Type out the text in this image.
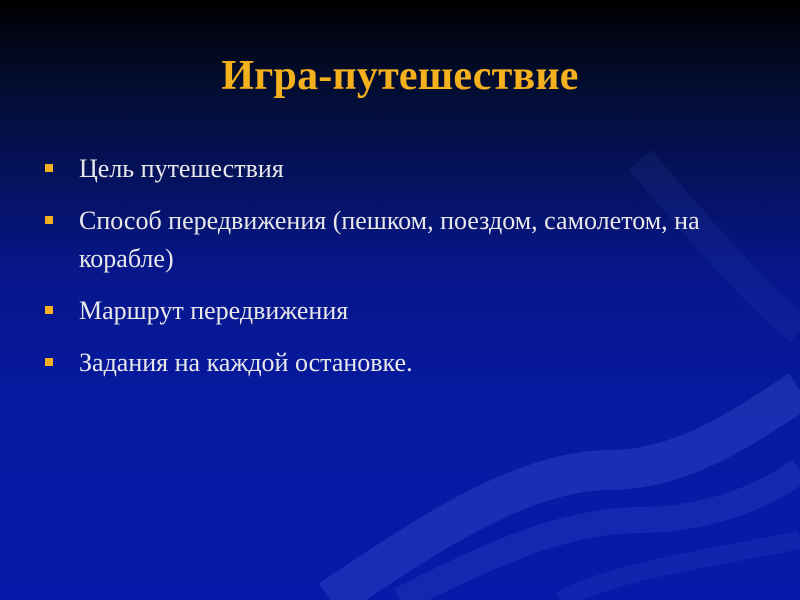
Игра-путешествие
Цель путешествия
Способ передвижения (пешком, поездом, самолетом, на корабле)
Маршрут передвижения
Задания на каждой остановке.
